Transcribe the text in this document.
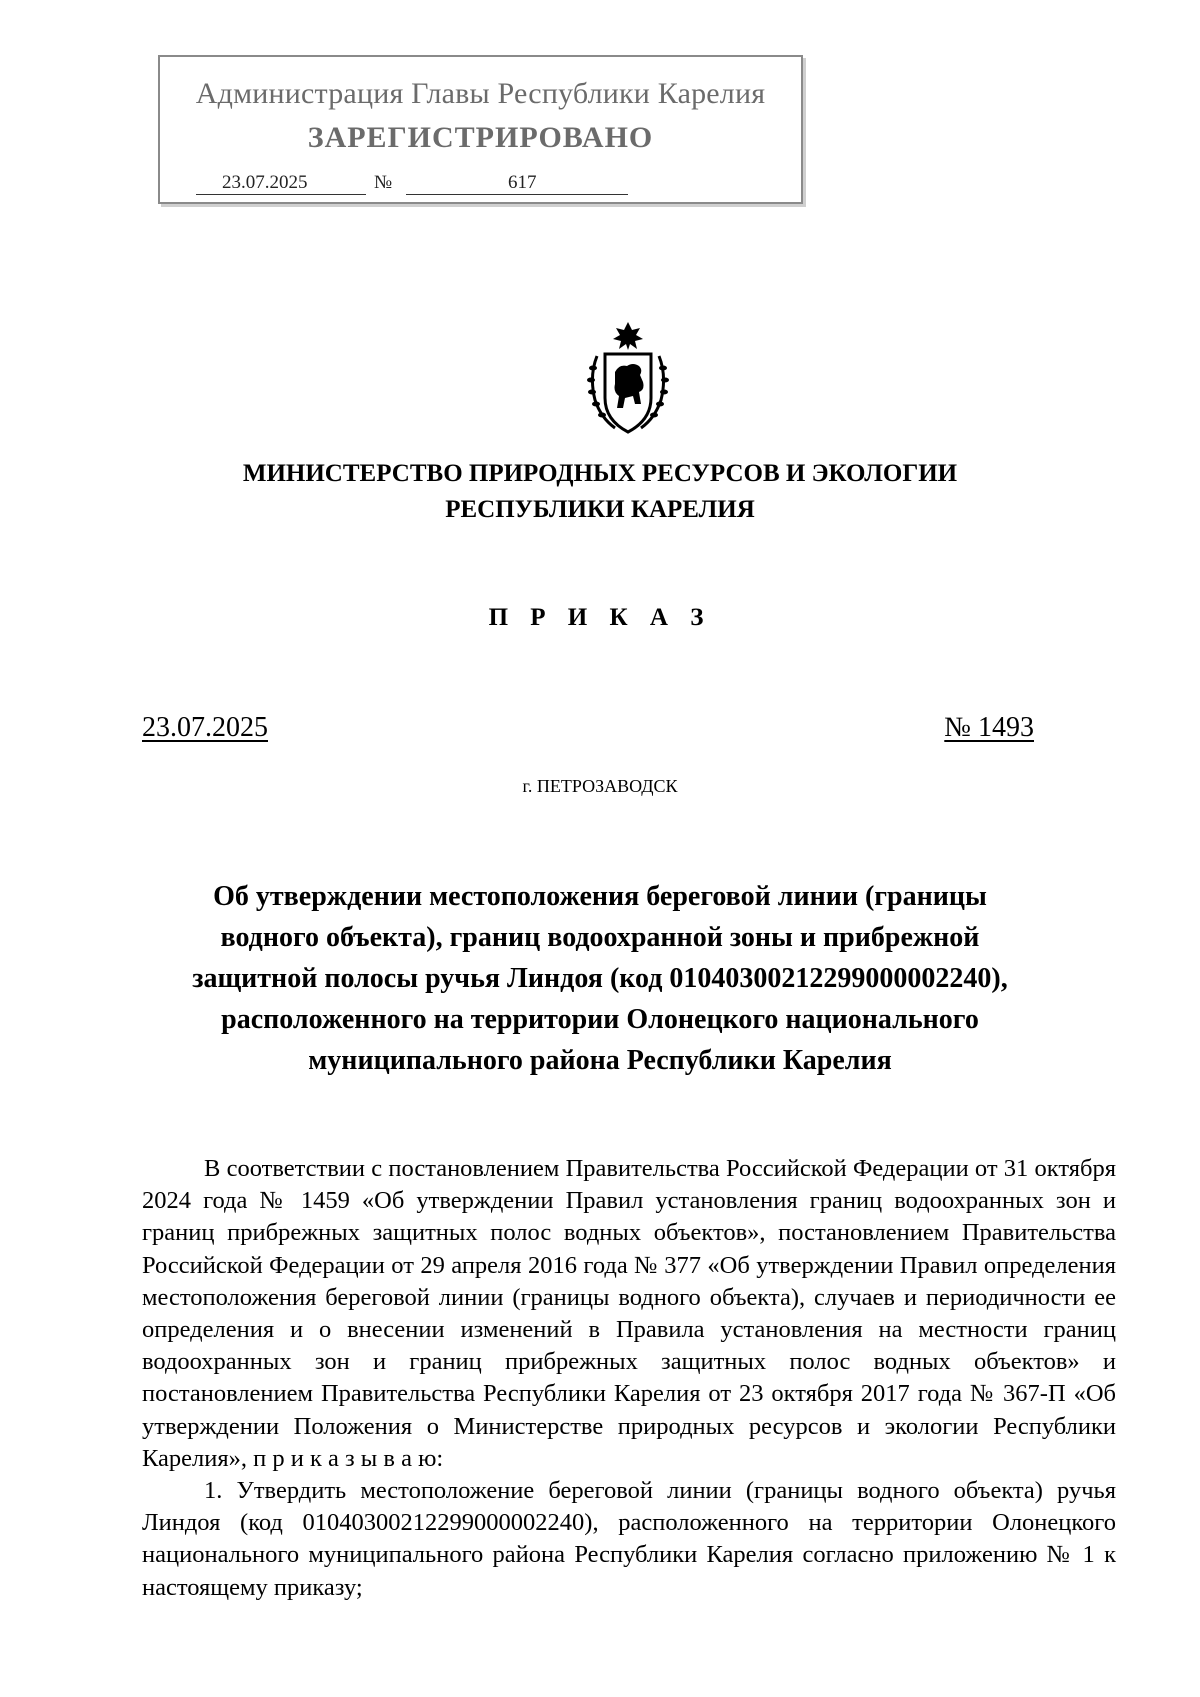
Администрация Главы Республики Карелия
ЗАРЕГИСТРИРОВАНО
23.07.2025	№	617
МИНИСТЕРСТВО ПРИРОДНЫХ РЕСУРСОВ И ЭКОЛОГИИ
РЕСПУБЛИКИ КАРЕЛИЯ
П Р И К А З
23.07.2025	№ 1493
г. ПЕТРОЗАВОДСК
Об утверждении местоположения береговой линии (границы
водного объекта), границ водоохранной зоны и прибрежной
защитной полосы ручья Линдоя (код 01040300212299000002240),
расположенного на территории Олонецкого национального
муниципального района Республики Карелия

В соответствии с постановлением Правительства Российской Федерации от 31 октября 2024 года № 1459 «Об утверждении Правил установления границ водоохранных зон и границ прибрежных защитных полос водных объектов», постановлением Правительства Российской Федерации от 29 апреля 2016 года № 377 «Об утверждении Правил определения местоположения береговой линии (границы водного объекта), случаев и периодичности ее определения и о внесении изменений в Правила установления на местности границ водоохранных зон и границ прибрежных защитных полос водных объектов» и постановлением Правительства Республики Карелия от 23 октября 2017 года № 367-П «Об утверждении Положения о Министерстве природных ресурсов и экологии Республики Карелия», п р и к а з ы в а ю:

1. Утвердить местоположение береговой линии (границы водного объекта) ручья Линдоя (код 01040300212299000002240), расположенного на территории Олонецкого национального муниципального района Республики Карелия согласно приложению № 1 к настоящему приказу;
